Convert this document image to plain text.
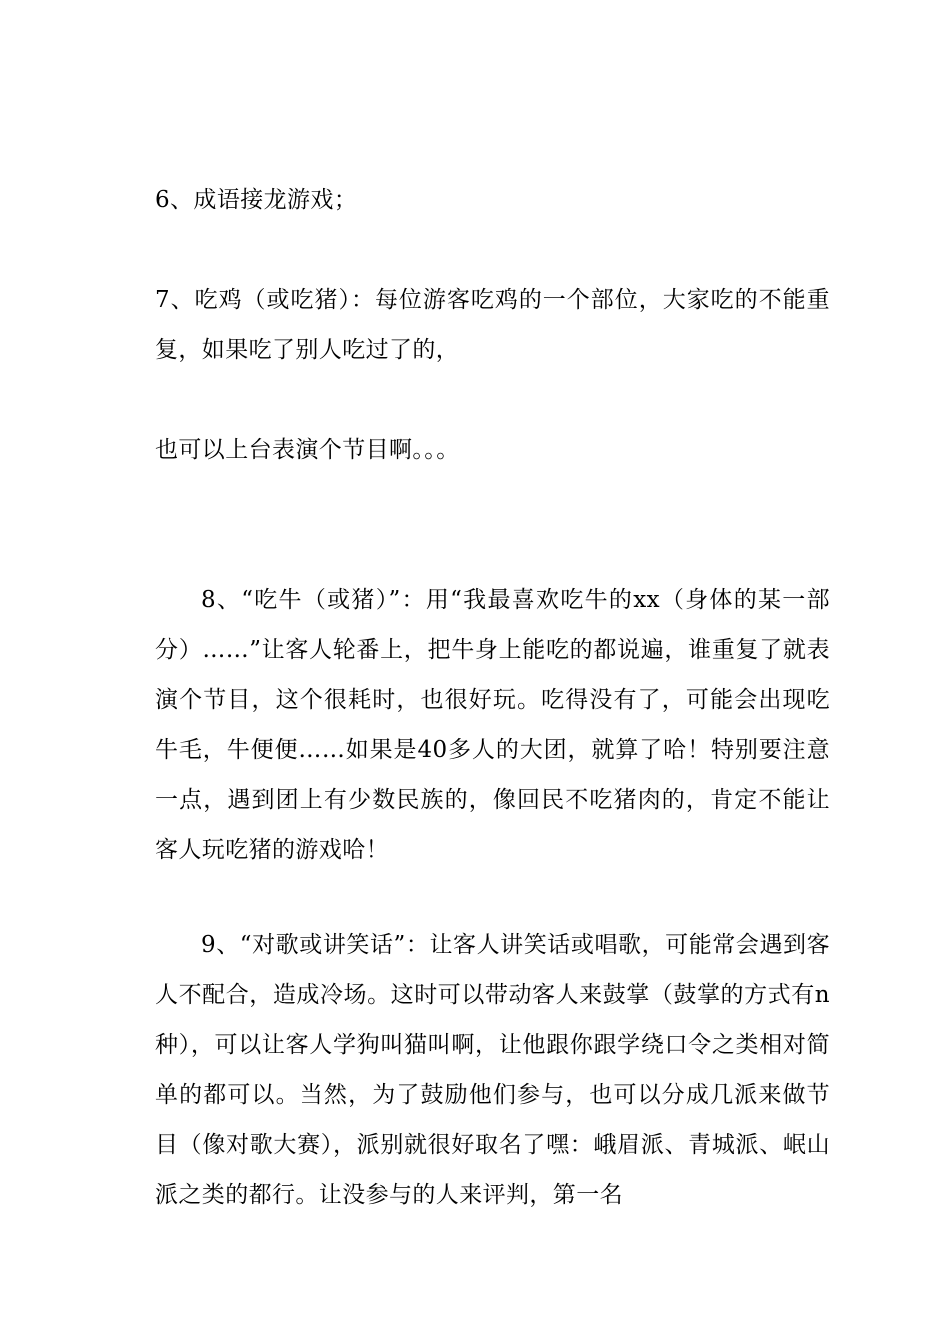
6、成语接龙游戏；

7、吃鸡（或吃猪）：每位游客吃鸡的一个部位，大家吃的不能重复，如果吃了别人吃过了的，

也可以上台表演个节目啊。。。

8、“吃牛（或猪）”：用“我最喜欢吃牛的xx（身体的某一部分）……”让客人轮番上，把牛身上能吃的都说遍，谁重复了就表演个节目，这个很耗时，也很好玩。吃得没有了，可能会出现吃牛毛，牛便便……如果是40多人的大团，就算了哈！特别要注意一点，遇到团上有少数民族的，像回民不吃猪肉的，肯定不能让客人玩吃猪的游戏哈！

9、“对歌或讲笑话”：让客人讲笑话或唱歌，可能常会遇到客人不配合，造成冷场。这时可以带动客人来鼓掌（鼓掌的方式有n种），可以让客人学狗叫猫叫啊，让他跟你跟学绕口令之类相对简单的都可以。当然，为了鼓励他们参与，也可以分成几派来做节目（像对歌大赛），派别就很好取名了嘿：峨眉派、青城派、岷山派之类的都行。让没参与的人来评判，第一名
